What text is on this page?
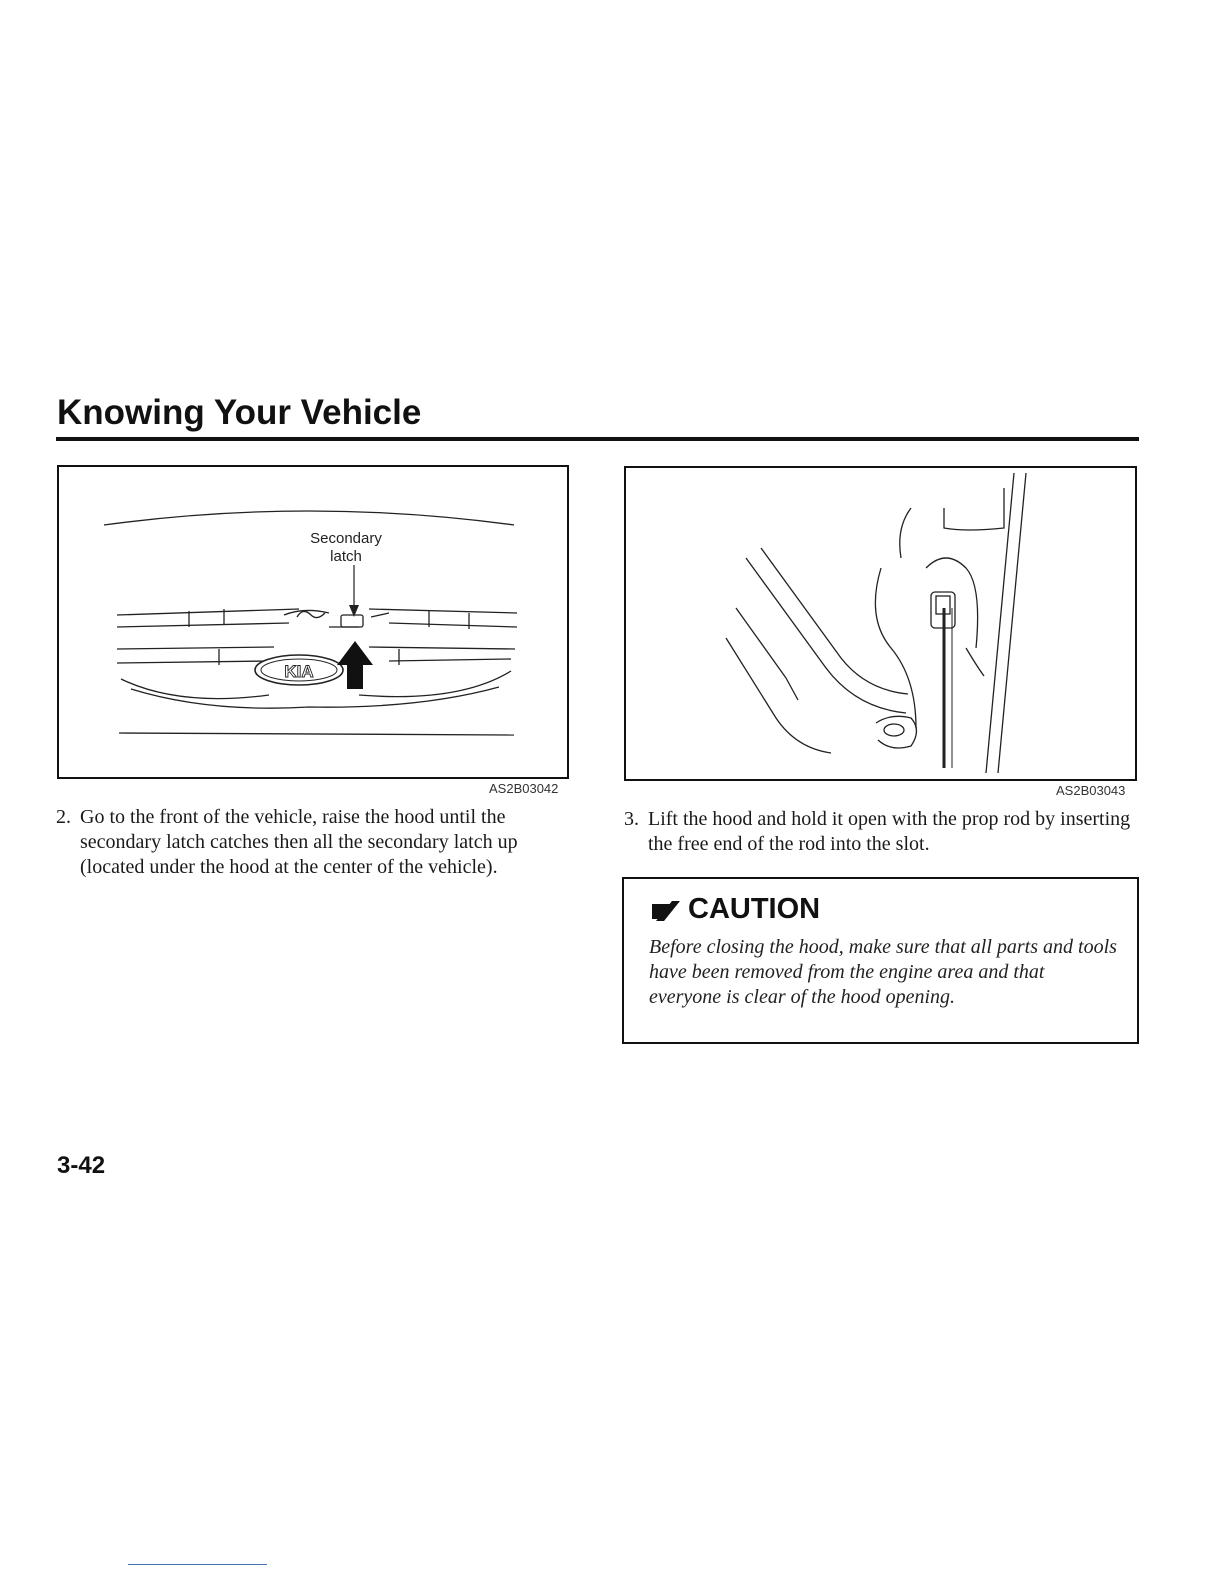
Knowing Your Vehicle
KIA
Secondary
latch
AS2B03042	AS2B03043
2. Go to the front of the vehicle, raise the hood until the secondary latch catches then all the secondary latch up (located under the hood at the center of the vehicle).
3. Lift the hood and hold it open with the prop rod by inserting the free end of the rod into the slot.
CAUTION
Before closing the hood, make sure that all parts and tools have been removed from the engine area and that everyone is clear of the hood opening.
3-42
